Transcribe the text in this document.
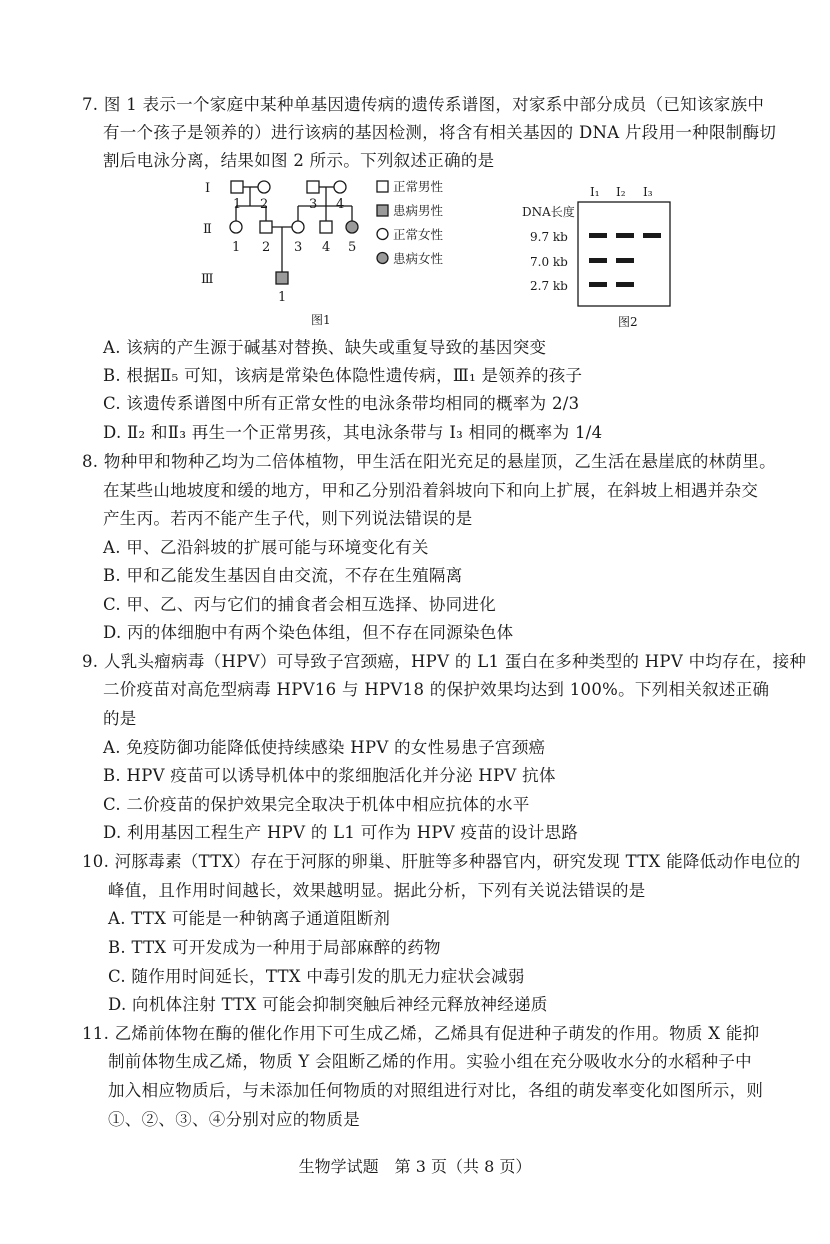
7. 图 1 表示一个家庭中某种单基因遗传病的遗传系谱图，对家系中部分成员（已知该家族中
有一个孩子是领养的）进行该病的基因检测，将含有相关基因的 DNA 片段用一种限制酶切
割后电泳分离，结果如图 2 所示。下列叙述正确的是
Ⅰ
Ⅱ
Ⅲ
1 2	3 4
1 2 3 4 5
1
图1
正常男性
患病男性
正常女性
患病女性
Ⅰ₁ Ⅰ₂ Ⅰ₃
DNA长度
9.7 kb
7.0 kb
2.7 kb
图2
A. 该病的产生源于碱基对替换、缺失或重复导致的基因突变
B. 根据Ⅱ₅ 可知，该病是常染色体隐性遗传病，Ⅲ₁ 是领养的孩子
C. 该遗传系谱图中所有正常女性的电泳条带均相同的概率为 2/3
D. Ⅱ₂ 和Ⅱ₃ 再生一个正常男孩，其电泳条带与 Ⅰ₃ 相同的概率为 1/4
8. 物种甲和物种乙均为二倍体植物，甲生活在阳光充足的悬崖顶，乙生活在悬崖底的林荫里。
在某些山地坡度和缓的地方，甲和乙分别沿着斜坡向下和向上扩展，在斜坡上相遇并杂交
产生丙。若丙不能产生子代，则下列说法错误的是
A. 甲、乙沿斜坡的扩展可能与环境变化有关
B. 甲和乙能发生基因自由交流，不存在生殖隔离
C. 甲、乙、丙与它们的捕食者会相互选择、协同进化
D. 丙的体细胞中有两个染色体组，但不存在同源染色体
9. 人乳头瘤病毒（HPV）可导致子宫颈癌，HPV 的 L1 蛋白在多种类型的 HPV 中均存在，接种
二价疫苗对高危型病毒 HPV16 与 HPV18 的保护效果均达到 100%。下列相关叙述正确
的是
A. 免疫防御功能降低使持续感染 HPV 的女性易患子宫颈癌
B. HPV 疫苗可以诱导机体中的浆细胞活化并分泌 HPV 抗体
C. 二价疫苗的保护效果完全取决于机体中相应抗体的水平
D. 利用基因工程生产 HPV 的 L1 可作为 HPV 疫苗的设计思路
10. 河豚毒素（TTX）存在于河豚的卵巢、肝脏等多种器官内，研究发现 TTX 能降低动作电位的
峰值，且作用时间越长，效果越明显。据此分析，下列有关说法错误的是
A. TTX 可能是一种钠离子通道阻断剂
B. TTX 可开发成为一种用于局部麻醉的药物
C. 随作用时间延长，TTX 中毒引发的肌无力症状会减弱
D. 向机体注射 TTX 可能会抑制突触后神经元释放神经递质
11. 乙烯前体物在酶的催化作用下可生成乙烯，乙烯具有促进种子萌发的作用。物质 X 能抑
制前体物生成乙烯，物质 Y 会阻断乙烯的作用。实验小组在充分吸收水分的水稻种子中
加入相应物质后，与未添加任何物质的对照组进行对比，各组的萌发率变化如图所示，则
①、②、③、④分别对应的物质是
生物学试题　第 3 页（共 8 页）
